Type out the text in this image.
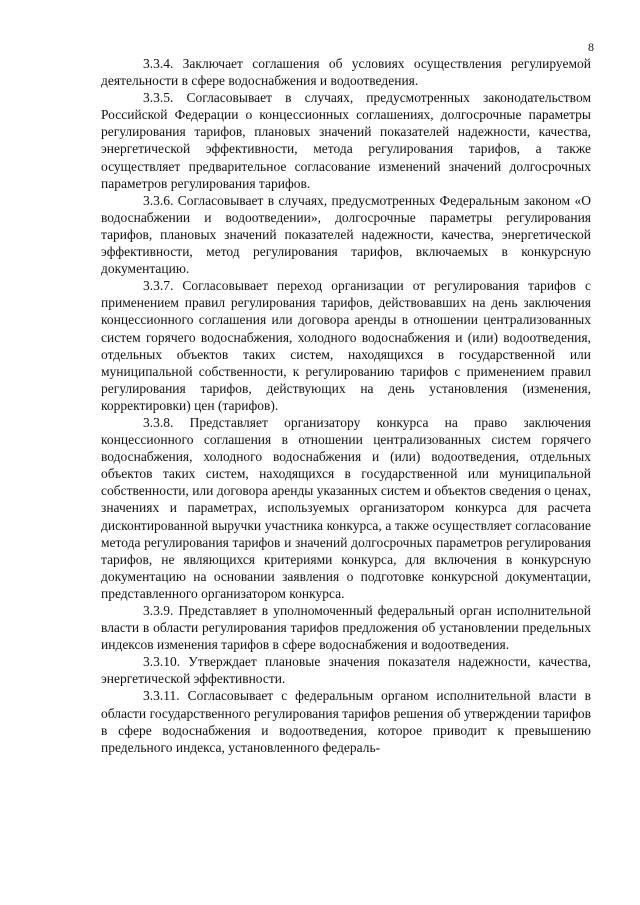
8

3.3.4. Заключает соглашения об условиях осуществления регулируемой деятельности в сфере водоснабжения и водоотведения.

3.3.5. Согласовывает в случаях, предусмотренных законодательством Российской Федерации о концессионных соглашениях, долгосрочные параметры регулирования тарифов, плановых значений показателей надежности, качества, энергетической эффективности, метода регулирования тарифов, а также осуществляет предварительное согласование изменений значений долгосрочных параметров регулирования тарифов.

3.3.6. Согласовывает в случаях, предусмотренных Федеральным законом «О водоснабжении и водоотведении», долгосрочные параметры регулирования тарифов, плановых значений показателей надежности, качества, энергетической эффективности, метод регулирования тарифов, включаемых в конкурсную документацию.

3.3.7. Согласовывает переход организации от регулирования тарифов с применением правил регулирования тарифов, действовавших на день заключения концессионного соглашения или договора аренды в отношении централизованных систем горячего водоснабжения, холодного водоснабжения и (или) водоотведения, отдельных объектов таких систем, находящихся в государственной или муниципальной собственности, к регулированию тарифов с применением правил регулирования тарифов, действующих на день установления (изменения, корректировки) цен (тарифов).

3.3.8. Представляет организатору конкурса на право заключения концессионного соглашения в отношении централизованных систем горячего водоснабжения, холодного водоснабжения и (или) водоотведения, отдельных объектов таких систем, находящихся в государственной или муниципальной собственности, или договора аренды указанных систем и объектов сведения о ценах, значениях и параметрах, используемых организатором конкурса для расчета дисконтированной выручки участника конкурса, а также осуществляет согласование метода регулирования тарифов и значений долгосрочных параметров регулирования тарифов, не являющихся критериями конкурса, для включения в конкурсную документацию на основании заявления о подготовке конкурсной документации, представленного организатором конкурса.

3.3.9. Представляет в уполномоченный федеральный орган исполнительной власти в области регулирования тарифов предложения об установлении предельных индексов изменения тарифов в сфере водоснабжения и водоотведения.

3.3.10. Утверждает плановые значения показателя надежности, качества, энергетической эффективности.

3.3.11. Согласовывает с федеральным органом исполнительной власти в области государственного регулирования тарифов решения об утверждении тарифов в сфере водоснабжения и водоотведения, которое приводит к превышению предельного индекса, установленного федераль-
